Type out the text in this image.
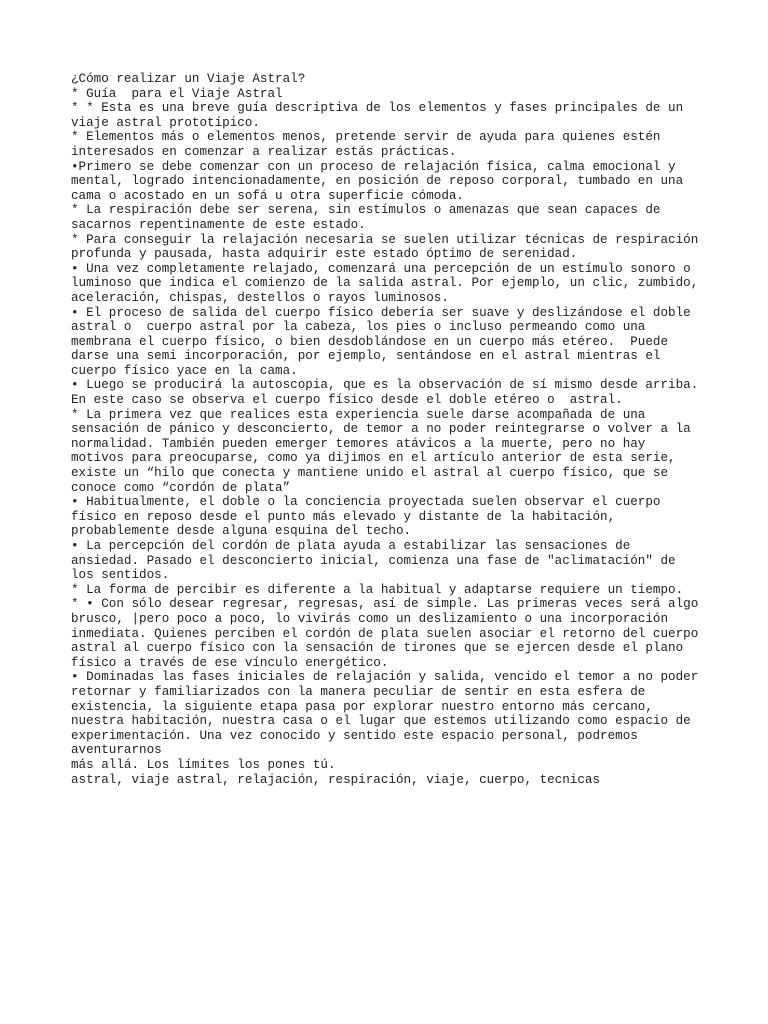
¿Cómo realizar un Viaje Astral?
* Guía  para el Viaje Astral
* * Esta es una breve guía descriptiva de los elementos y fases principales de un
viaje astral prototípico.
* Elementos más o elementos menos, pretende servir de ayuda para quienes estén
interesados en comenzar a realizar estás prácticas.
•Primero se debe comenzar con un proceso de relajación física, calma emocional y
mental, logrado intencionadamente, en posición de reposo corporal, tumbado en una
cama o acostado en un sofá u otra superficie cómoda.
* La respiración debe ser serena, sin estímulos o amenazas que sean capaces de
sacarnos repentinamente de este estado.
* Para conseguir la relajación necesaria se suelen utilizar técnicas de respiración
profunda y pausada, hasta adquirir este estado óptimo de serenidad.
• Una vez completamente relajado, comenzará una percepción de un estímulo sonoro o
luminoso que indica el comienzo de la salida astral. Por ejemplo, un clic, zumbido,
aceleración, chispas, destellos o rayos luminosos.
• El proceso de salida del cuerpo físico debería ser suave y deslizándose el doble
astral o  cuerpo astral por la cabeza, los pies o incluso permeando como una
membrana el cuerpo físico, o bien desdoblándose en un cuerpo más etéreo.  Puede
darse una semi incorporación, por ejemplo, sentándose en el astral mientras el
cuerpo físico yace en la cama.
• Luego se producirá la autoscopia, que es la observación de sí mismo desde arriba.
En este caso se observa el cuerpo físico desde el doble etéreo o  astral.
* La primera vez que realices esta experiencia suele darse acompañada de una
sensación de pánico y desconcierto, de temor a no poder reintegrarse o volver a la
normalidad. También pueden emerger temores atávicos a la muerte, pero no hay
motivos para preocuparse, como ya dijimos en el artículo anterior de esta serie,
existe un “hilo que conecta y mantiene unido el astral al cuerpo físico, que se
conoce como “cordón de plata”
• Habitualmente, el doble o la conciencia proyectada suelen observar el cuerpo
físico en reposo desde el punto más elevado y distante de la habitación,
probablemente desde alguna esquina del techo.
• La percepción del cordón de plata ayuda a estabilizar las sensaciones de
ansiedad. Pasado el desconcierto inicial, comienza una fase de "aclimatación" de
los sentidos.
* La forma de percibir es diferente a la habitual y adaptarse requiere un tiempo.
* • Con sólo desear regresar, regresas, así de simple. Las primeras veces será algo
brusco, |pero poco a poco, lo vivirás como un deslizamiento o una incorporación
inmediata. Quienes perciben el cordón de plata suelen asociar el retorno del cuerpo
astral al cuerpo físico con la sensación de tirones que se ejercen desde el plano
físico a través de ese vínculo energético.
• Dominadas las fases iniciales de relajación y salida, vencido el temor a no poder
retornar y familiarizados con la manera peculiar de sentir en esta esfera de
existencia, la siguiente etapa pasa por explorar nuestro entorno más cercano,
nuestra habitación, nuestra casa o el lugar que estemos utilizando como espacio de
experimentación. Una vez conocido y sentido este espacio personal, podremos
aventurarnos
más allá. Los límites los pones tú.
astral, viaje astral, relajación, respiración, viaje, cuerpo, tecnicas
